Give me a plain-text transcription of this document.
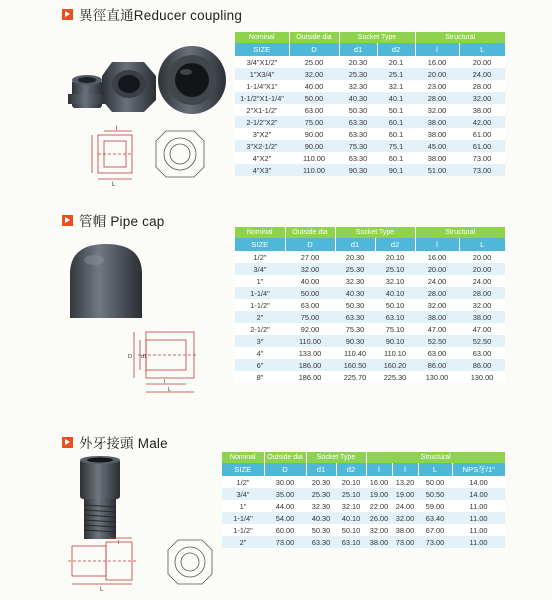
異徑直通Reducer coupling
L
l
Nominal	Outside dia	Socket Type		Structural	
SIZE	D	d1	d2	l	L
3/4"X1/2"	25.00	20.30	20.1	16.00	20.00
1"X3/4"	32.00	25.30	25.1	20.00	24.00
1-1/4"X1"	40.00	32.30	32.1	23.00	28.00
1-1/2"X1-1/4"	50.00	40.30	40.1	28.00	32.00
2"X1-1/2"	63.00	50.30	50.1	32.00	38.00
2-1/2"X2"	75.00	63.30	60.1	38.00	42.00
3"X2"	90.00	63.30	60.1	38.00	61.00
3"X2-1/2"	90.00	75.30	75.1	45.00	61.00
4"X2"	110.00	63.30	60.1	38.00	73.00
4"X3"	110.00	90.30	90.1	51.00	73.00
管帽 Pipe cap
d1
D
l
L
Nominal	Outside dia	Socket Type		Structural	
SIZE	D	d1	d2	l	L
1/2"	27.00	20.30	20.10	16.00	20.00
3/4"	32.00	25.30	25.10	20.00	20.00
1"	40.00	32.30	32.10	24.00	24.00
1-1/4"	50.00	40.30	40.10	28.00	28.00
1-1/2"	63.00	50.30	50.10	32.00	32.00
2"	75.00	63.30	63.10	38.00	38.00
2-1/2"	92.00	75.30	75.10	47.00	47.00
3"	110.00	90.30	90.10	52.50	52.50
4"	133.00	110.40	110.10	63.00	63.00
6"	186.00	160.50	160.20	86.00	86.00
8"	186.00	225.70	225.30	130.00	130.00
外牙接頭 Male
L
l
Nominal	Outside dia	Socket Type		Structural			
SIZE	D	d1	d2	l	l	L	NPS牙/1"
1/2"	30.00	20.30	20.10	16.00	13.20	50.00	14.00
3/4"	35.00	25.30	25.10	19.00	19.00	50.50	14.00
1"	44.00	32.30	32.10	22.00	24.00	59.00	11.00
1-1/4"	54.00	40.30	40.10	26.00	32.00	63.40	11.00
1-1/2"	60.00	50.30	50.10	32.00	38.00	67.00	11.00
2"	73.00	63.30	63.10	38.00	73.00	73.00	11.00
